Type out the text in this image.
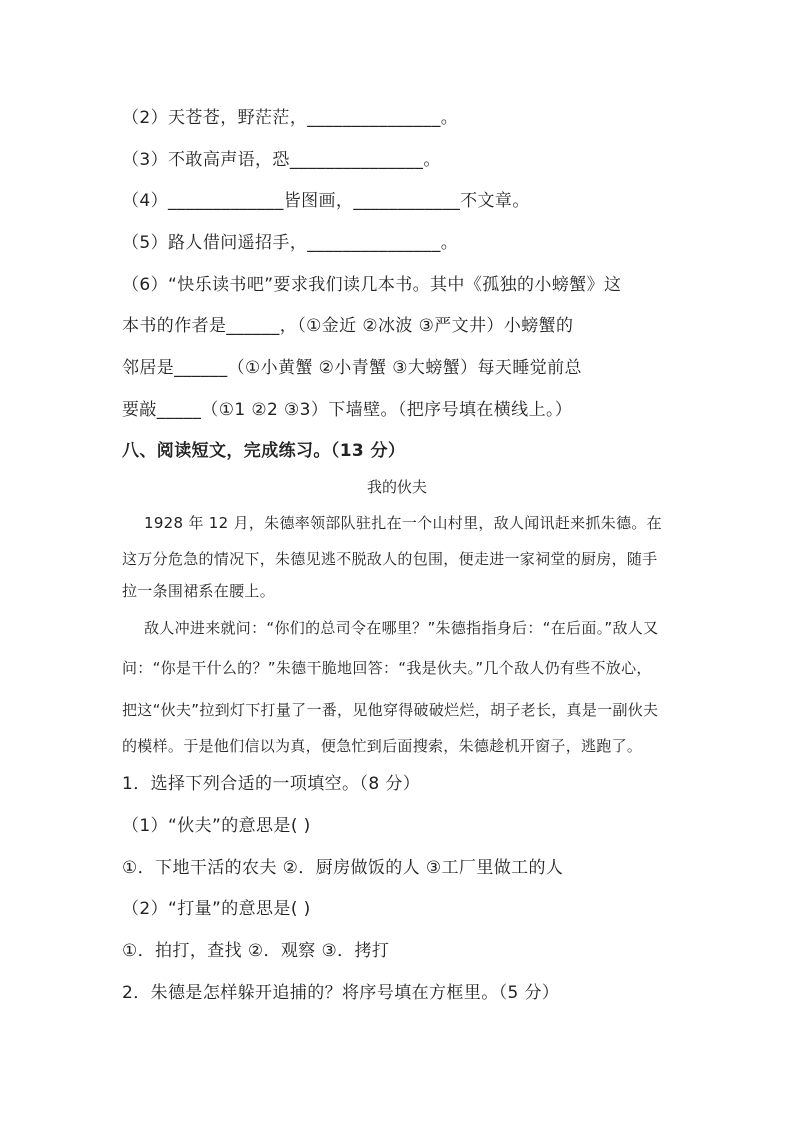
（2）天苍苍，野茫茫，_______________。
（3）不敢高声语，恐_______________。
（4）_____________皆图画，____________不文章。
（5）路人借问遥招手，_______________。
（6）“快乐读书吧”要求我们读几本书。其中《孤独的小螃蟹》这
本书的作者是______，（①金近 ②冰波 ③严文井）小螃蟹的
邻居是______（①小黄蟹 ②小青蟹 ③大螃蟹）每天睡觉前总
要敲_____（①1 ②2 ③3）下墙壁。（把序号填在横线上。）
八、阅读短文，完成练习。（13 分）
我的伙夫
1928 年 12 月，朱德率领部队驻扎在一个山村里，敌人闻讯赶来抓朱德。在
这万分危急的情况下，朱德见逃不脱敌人的包围，便走进一家祠堂的厨房，随手
拉一条围裙系在腰上。
敌人冲进来就问：“你们的总司令在哪里？”朱德指指身后：“在后面。”敌人又
问：“你是干什么的？”朱德干脆地回答：“我是伙夫。”几个敌人仍有些不放心，
把这“伙夫”拉到灯下打量了一番，见他穿得破破烂烂，胡子老长，真是一副伙夫
的模样。于是他们信以为真，便急忙到后面搜索，朱德趁机开窗子，逃跑了。
1．选择下列合适的一项填空。（8 分）
（1）“伙夫”的意思是( )
①．下地干活的农夫 ②．厨房做饭的人 ③工厂里做工的人
（2）“打量”的意思是( )
①．拍打，查找 ②．观察 ③．拷打
2．朱德是怎样躲开追捕的？将序号填在方框里。（5 分）
